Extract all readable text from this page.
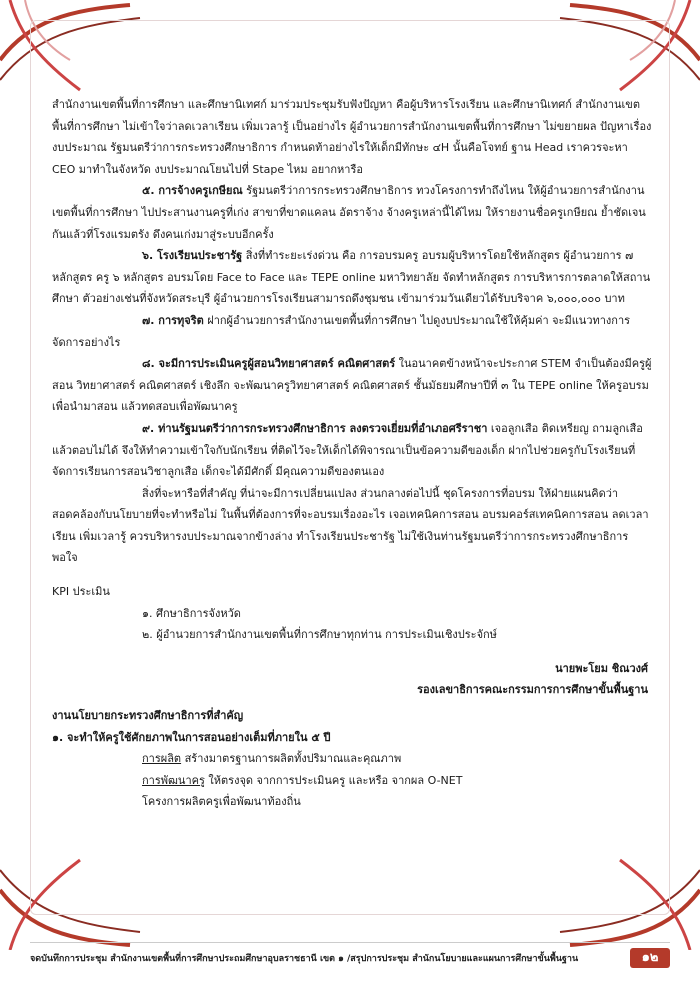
สำนักงานเขตพื้นที่การศึกษา และศึกษานิเทศก์ มาร่วมประชุมรับฟังปัญหา คือผู้บริหารโรงเรียน และศึกษานิเทศก์ สำนักงานเขตพื้นที่การศึกษา ไม่เข้าใจว่าลดเวลาเรียน เพิ่มเวลารู้ เป็นอย่างไร ผู้อำนวยการสำนักงานเขตพื้นที่การศึกษา ไม่ขยายผล ปัญหาเรื่องงบประมาณ รัฐมนตรีว่าการกระทรวงศึกษาธิการ กำหนดท้าอย่างไรให้เด็กมีทักษะ ๔H นั้นคือโจทย์ ฐาน Head เราควรจะหา CEO มาทำในจังหวัด งบประมาณโยนไปที่ Stape ไหม อยากหารือ

๕. การจ้างครูเกษียณ รัฐมนตรีว่าการกระทรวงศึกษาธิการ ทวงโครงการทำถึงไหน ให้ผู้อำนวยการสำนักงานเขตพื้นที่การศึกษา ไปประสานงานครูที่เก่ง สาขาที่ขาดแคลน อัตราจ้าง จ้างครูเหล่านี้ได้ไหม ให้รายงานชื่อครูเกษียณ ย้ำชัดเจนกันแล้วที่โรงแรมตรัง ดึงคนเก่งมาสู่ระบบอีกครั้ง

๖. โรงเรียนประชารัฐ สิ่งที่ทำระยะเร่งด่วน คือ การอบรมครู อบรมผู้บริหารโดยใช้หลักสูตร ผู้อำนวยการ ๗ หลักสูตร ครู ๖ หลักสูตร อบรมโดย Face to Face และ TEPE online มหาวิทยาลัย จัดทำหลักสูตร การบริหารการตลาดให้สถานศึกษา ตัวอย่างเช่นที่จังหวัดสระบุรี ผู้อำนวยการโรงเรียนสามารถดึงชุมชน เข้ามาร่วมวันเดียวได้รับบริจาค ๖,๐๐๐,๐๐๐ บาท

๗. การทุจริต ฝากผู้อำนวยการสำนักงานเขตพื้นที่การศึกษา ไปดูงบประมาณใช้ให้คุ้มค่า จะมีแนวทางการจัดการอย่างไร

๘. จะมีการประเมินครูผู้สอนวิทยาศาสตร์ คณิตศาสตร์ ในอนาคตข้างหน้าจะประกาศ STEM จำเป็นต้องมีครูผู้สอน วิทยาศาสตร์ คณิตศาสตร์ เชิงลึก จะพัฒนาครูวิทยาศาสตร์ คณิตศาสตร์ ชั้นมัธยมศึกษาปีที่ ๓ ใน TEPE online ให้ครูอบรมเพื่อนำมาสอน แล้วทดสอบเพื่อพัฒนาครู

๙. ท่านรัฐมนตรีว่าการกระทรวงศึกษาธิการ ลงตรวจเยี่ยมที่อำเภอศรีราชา เจอลูกเสือ ติดเหรียญ ถามลูกเสือ แล้วตอบไม่ได้ จึงให้ทำความเข้าใจกับนักเรียน ที่ติดไว้จะให้เด็กได้พิจารณาเป็นข้อความดีของเด็ก ฝากไปช่วยครูกับโรงเรียนที่จัดการเรียนการสอนวิชาลูกเสือ เด็กจะได้มีศักดิ์ มีคุณความดีของตนเอง

สิ่งที่จะหารือที่สำคัญ ที่น่าจะมีการเปลี่ยนแปลง ส่วนกลางต่อไปนี้ ชุดโครงการที่อบรม ให้ฝ่ายแผนคิดว่าสอดคล้องกับนโยบายที่จะทำหรือไม่ ในพื้นที่ต้องการที่จะอบรมเรื่องอะไร เจอเทคนิคการสอน อบรมคอร์สเทคนิคการสอน ลดเวลาเรียน เพิ่มเวลารู้ ควรบริหารงบประมาณจากข้างล่าง ทำโรงเรียนประชารัฐ ไม่ใช้เงินท่านรัฐมนตรีว่าการกระทรวงศึกษาธิการพอใจ

KPI ประเมิน

๑. ศึกษาธิการจังหวัด

๒. ผู้อำนวยการสำนักงานเขตพื้นที่การศึกษาทุกท่าน การประเมินเชิงประจักษ์

นายพะโยม ชิณวงศ์

รองเลขาธิการคณะกรรมการการศึกษาขั้นพื้นฐาน

งานนโยบายกระทรวงศึกษาธิการที่สำคัญ

๑. จะทำให้ครูใช้ศักยภาพในการสอนอย่างเต็มที่ภายใน ๕ ปี

การผลิต สร้างมาตรฐานการผลิตทั้งปริมาณและคุณภาพ

การพัฒนาครู ให้ตรงจุด จากการประเมินครู และหรือ จากผล O-NET

โครงการผลิตครูเพื่อพัฒนาท้องถิ่น

จดบันทึกการประชุม สำนักงานเขตพื้นที่การศึกษาประถมศึกษาอุบลราชธานี เขต ๑ /สรุปการประชุม สำนักนโยบายและแผนการศึกษาขั้นพื้นฐาน	๑๒
